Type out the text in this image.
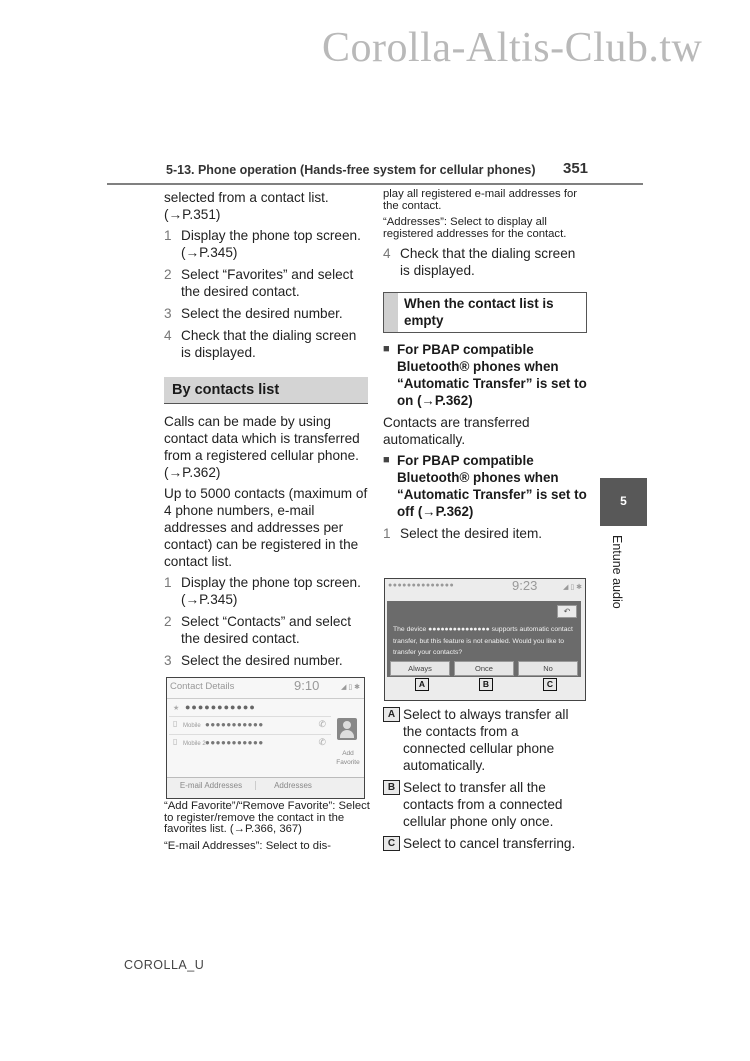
Corolla-Altis-Club.tw
5-13. Phone operation (Hands-free system for cellular phones) 351

selected from a contact list. (→P.351)

1 Display the phone top screen. (→P.345)
2 Select “Favorites” and select the desired contact.
3 Select the desired number.
4 Check that the dialing screen is displayed.
By contacts list

Calls can be made by using contact data which is transferred from a registered cellular phone. (→P.362)

Up to 5000 contacts (maximum of 4 phone numbers, e-mail addresses and addresses per contact) can be registered in the contact list.

1 Display the phone top screen. (→P.345)
2 Select “Contacts” and select the desired contact.
3 Select the desired number.
Contact Details	9:10	◢ ▯ ✱
★ ●●●●●●●●●●●
▯ Mobile ●●●●●●●●●●●	✆
▯ Mobile 2 ●●●●●●●●●●●	✆
Add Favorite
E-mail Addresses	Addresses

“Add Favorite”/“Remove Favorite”: Select to register/remove the contact in the favorites list. (→P.366, 367)

“E-mail Addresses”: Select to dis-

play all registered e-mail addresses for the contact.

“Addresses”: Select to display all registered addresses for the contact.

4 Check that the dialing screen is displayed.
When the contact list is empty
■ For PBAP compatible Bluetooth® phones when “Automatic Transfer” is set to on (→P.362)

Contacts are transferred automatically.

■ For PBAP compatible Bluetooth® phones when “Automatic Transfer” is set to off (→P.362)
1 Select the desired item.
●●●●●●●●●●●●●●	9:23	◢ ▯ ✱
↶
The device ●●●●●●●●●●●●●●● supports automatic contact transfer, but this feature is not enabled. Would you like to transfer your contacts?
Always	Once	No
A	B	C
A Select to always transfer all the contacts from a connected cellular phone automatically.
B Select to transfer all the contacts from a connected cellular phone only once.
C Select to cancel transferring.
5
Entune audio
COROLLA_U
